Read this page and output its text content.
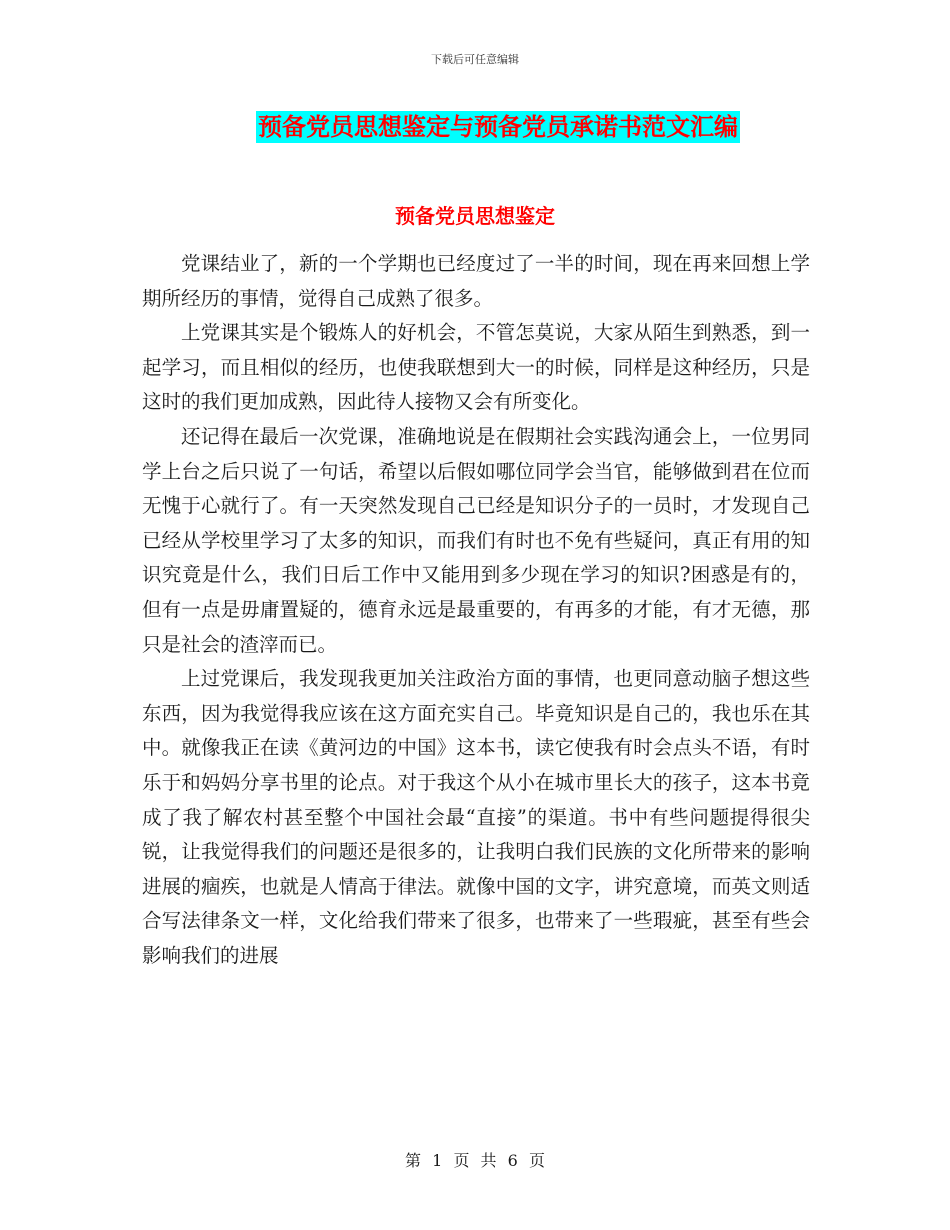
下载后可任意编辑
预备党员思想鉴定与预备党员承诺书范文汇编
预备党员思想鉴定

党课结业了，新的一个学期也已经度过了一半的时间，现在再来回想上学期所经历的事情，觉得自己成熟了很多。

上党课其实是个锻炼人的好机会，不管怎莫说，大家从陌生到熟悉，到一起学习，而且相似的经历，也使我联想到大一的时候，同样是这种经历，只是这时的我们更加成熟，因此待人接物又会有所变化。

还记得在最后一次党课，准确地说是在假期社会实践沟通会上，一位男同学上台之后只说了一句话，希望以后假如哪位同学会当官，能够做到君在位而无愧于心就行了。有一天突然发现自己已经是知识分子的一员时，才发现自己已经从学校里学习了太多的知识，而我们有时也不免有些疑问，真正有用的知识究竟是什么，我们日后工作中又能用到多少现在学习的知识?困惑是有的，但有一点是毋庸置疑的，德育永远是最重要的，有再多的才能，有才无德，那只是社会的渣滓而已。

上过党课后，我发现我更加关注政治方面的事情，也更同意动脑子想这些东西，因为我觉得我应该在这方面充实自己。毕竟知识是自己的，我也乐在其中。就像我正在读《黄河边的中国》这本书，读它使我有时会点头不语，有时乐于和妈妈分享书里的论点。对于我这个从小在城市里长大的孩子，这本书竟成了我了解农村甚至整个中国社会最“直接”的渠道。书中有些问题提得很尖锐，让我觉得我们的问题还是很多的，让我明白我们民族的文化所带来的影响进展的痼疾，也就是人情高于律法。就像中国的文字，讲究意境，而英文则适合写法律条文一样，文化给我们带来了很多，也带来了一些瑕疵，甚至有些会影响我们的进展

第 1 页 共 6 页
